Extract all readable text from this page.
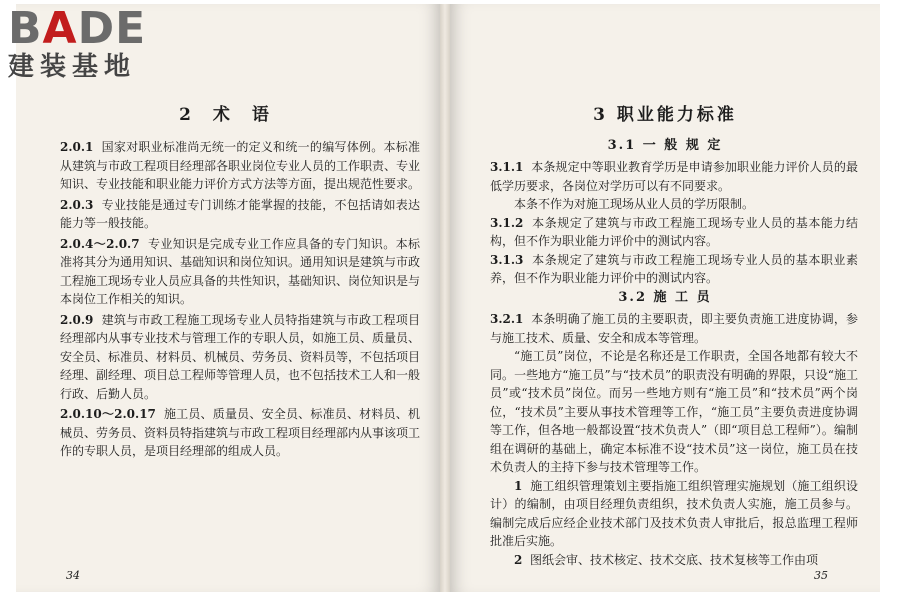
2 术 语

2.0.1 国家对职业标准尚无统一的定义和统一的编写体例。本标准从建筑与市政工程项目经理部各职业岗位专业人员的工作职责、专业知识、专业技能和职业能力评价方式方法等方面，提出规范性要求。

2.0.3 专业技能是通过专门训练才能掌握的技能，不包括请如表达能力等一般技能。

2.0.4～2.0.7 专业知识是完成专业工作应具备的专门知识。本标准将其分为通用知识、基础知识和岗位知识。通用知识是建筑与市政工程施工现场专业人员应具备的共性知识，基础知识、岗位知识是与本岗位工作相关的知识。

2.0.9 建筑与市政工程施工现场专业人员特指建筑与市政工程项目经理部内从事专业技术与管理工作的专职人员，如施工员、质量员、安全员、标准员、材料员、机械员、劳务员、资料员等，不包括项目经理、副经理、项目总工程师等管理人员，也不包括技术工人和一般行政、后勤人员。

2.0.10～2.0.17 施工员、质量员、安全员、标准员、材料员、机械员、劳务员、资料员特指建筑与市政工程项目经理部内从事该项工作的专职人员，是项目经理部的组成人员。

34
3 职业能力标准
3.1 一 般 规 定

3.1.1 本条规定中等职业教育学历是申请参加职业能力评价人员的最低学历要求，各岗位对学历可以有不同要求。

本条不作为对施工现场从业人员的学历限制。

3.1.2 本条规定了建筑与市政工程施工现场专业人员的基本能力结构，但不作为职业能力评价中的测试内容。

3.1.3 本条规定了建筑与市政工程施工现场专业人员的基本职业素养，但不作为职业能力评价中的测试内容。

3.2 施 工 员

3.2.1 本条明确了施工员的主要职责，即主要负责施工进度协调，参与施工技术、质量、安全和成本等管理。

“施工员”岗位，不论是名称还是工作职责，全国各地都有较大不同。一些地方“施工员”与“技术员”的职责没有明确的界限，只设“施工员”或“技术员”岗位。而另一些地方则有“施工员”和“技术员”两个岗位，“技术员”主要从事技术管理等工作，“施工员”主要负责进度协调等工作，但各地一般都设置“技术负责人”（即“项目总工程师”）。编制组在调研的基础上，确定本标准不设“技术员”这一岗位，施工员在技术负责人的主持下参与技术管理等工作。

1 施工组织管理策划主要指施工组织管理实施规划（施工组织设计）的编制，由项目经理负责组织，技术负责人实施，施工员参与。编制完成后应经企业技术部门及技术负责人审批后，报总监理工程师批准后实施。

2 图纸会审、技术核定、技术交底、技术复核等工作由项

35
BADE
建装基地
